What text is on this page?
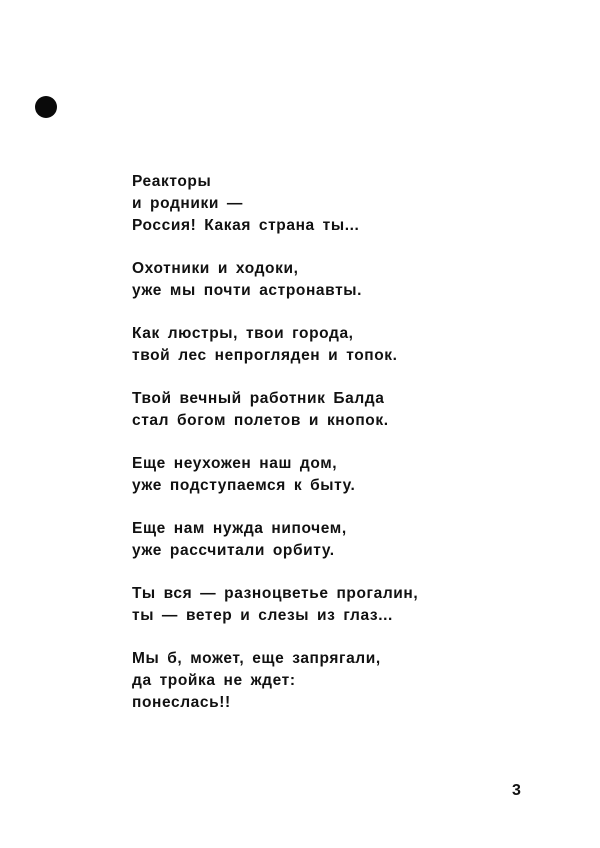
Реакторы
и родники —
Россия! Какая страна ты...
Охотники и ходоки,
уже мы почти астронавты.
Как люстры, твои города,
твой лес непрогляден и топок.
Твой вечный работник Балда
стал богом полетов и кнопок.
Еще неухожен наш дом,
уже подступаемся к быту.
Еще нам нужда нипочем,
уже рассчитали орбиту.
Ты вся — разноцветье прогалин,
ты — ветер и слезы из глаз...
Мы б, может, еще запрягали,
да тройка не ждет:
понеслась!!
3
